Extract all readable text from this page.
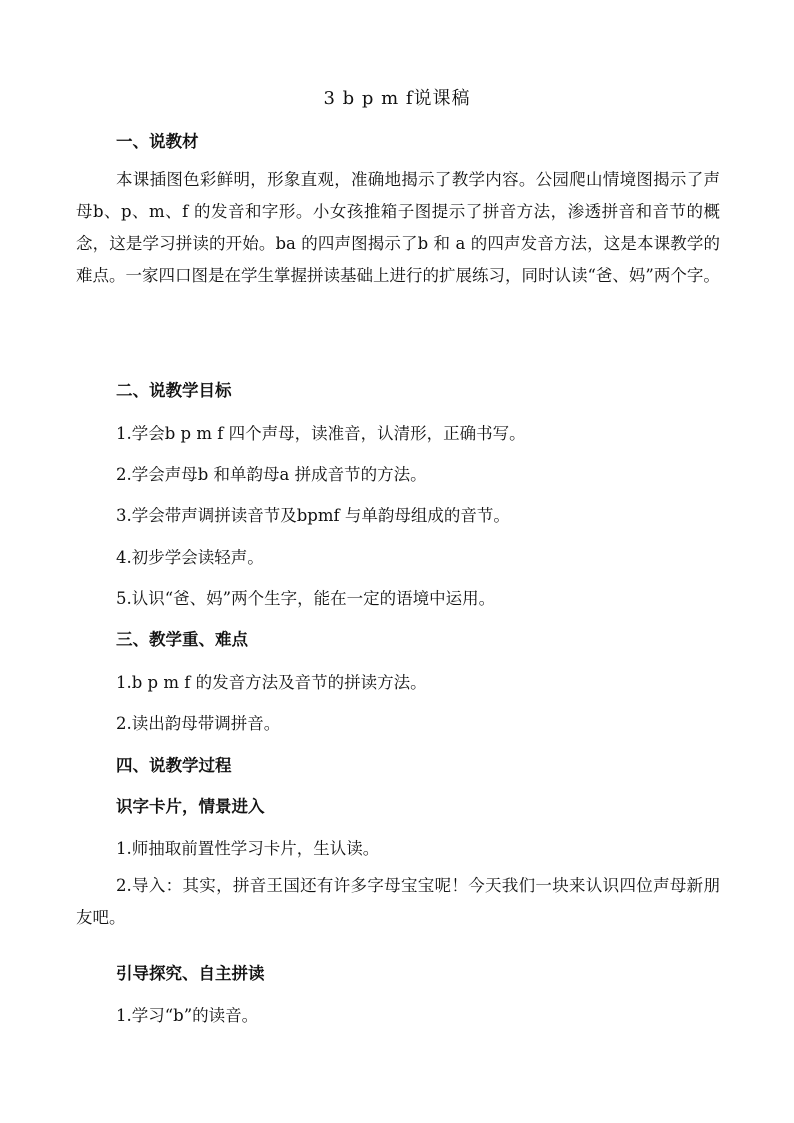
3 b p m f说课稿
一、说教材
本课插图色彩鲜明，形象直观，准确地揭示了教学内容。公园爬山情境图揭示了声母b、p、m、f 的发音和字形。小女孩推箱子图提示了拼音方法，渗透拼音和音节的概念，这是学习拼读的开始。ba 的四声图揭示了b 和 a 的四声发音方法，这是本课教学的难点。一家四口图是在学生掌握拼读基础上进行的扩展练习，同时认读“爸、妈”两个字。
二、说教学目标
1.学会b p m f 四个声母，读准音，认清形，正确书写。
2.学会声母b 和单韵母a 拼成音节的方法。
3.学会带声调拼读音节及bpmf 与单韵母组成的音节。
4.初步学会读轻声。
5.认识“爸、妈”两个生字，能在一定的语境中运用。
三、教学重、难点
1.b p m f 的发音方法及音节的拼读方法。
2.读出韵母带调拼音。
四、说教学过程
识字卡片，情景进入
1.师抽取前置性学习卡片，生认读。
2.导入：其实，拼音王国还有许多字母宝宝呢！今天我们一块来认识四位声母新朋友吧。
引导探究、自主拼读
1.学习“b”的读音。
